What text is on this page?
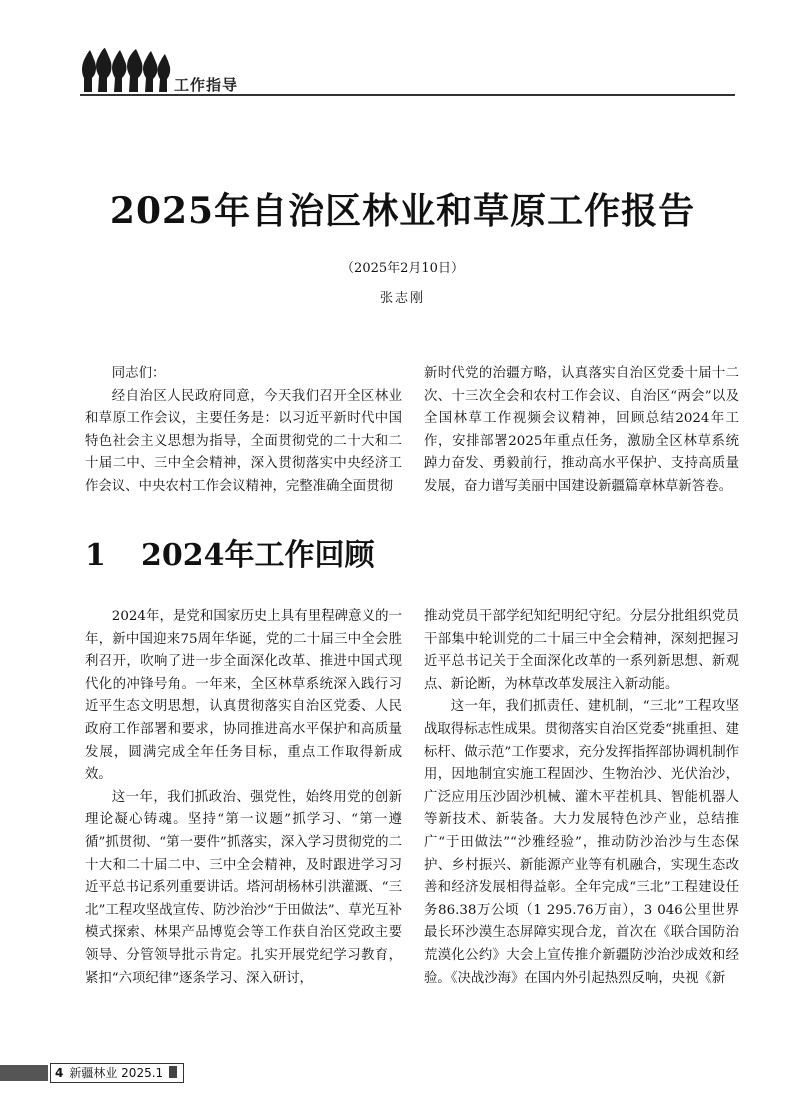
工作指导
2025年自治区林业和草原工作报告
（2025年2月10日）
张志刚

同志们：

经自治区人民政府同意，今天我们召开全区林业和草原工作会议，主要任务是：以习近平新时代中国特色社会主义思想为指导，全面贯彻党的二十大和二十届二中、三中全会精神，深入贯彻落实中央经济工作会议、中央农村工作会议精神，完整准确全面贯彻

新时代党的治疆方略，认真落实自治区党委十届十二次、十三次全会和农村工作会议、自治区“两会”以及全国林草工作视频会议精神，回顾总结2024年工作，安排部署2025年重点任务，激励全区林草系统踔力奋发、勇毅前行，推动高水平保护、支持高质量发展，奋力谱写美丽中国建设新疆篇章林草新答卷。

1 2024年工作回顾

2024年，是党和国家历史上具有里程碑意义的一年，新中国迎来75周年华诞，党的二十届三中全会胜利召开，吹响了进一步全面深化改革、推进中国式现代化的冲锋号角。一年来，全区林草系统深入践行习近平生态文明思想，认真贯彻落实自治区党委、人民政府工作部署和要求，协同推进高水平保护和高质量发展，圆满完成全年任务目标，重点工作取得新成效。

这一年，我们抓政治、强党性，始终用党的创新理论凝心铸魂。坚持“第一议题”抓学习、“第一遵循”抓贯彻、“第一要件”抓落实，深入学习贯彻党的二十大和二十届二中、三中全会精神，及时跟进学习习近平总书记系列重要讲话。塔河胡杨林引洪灌溉、“三北”工程攻坚战宣传、防沙治沙“于田做法”、草光互补模式探索、林果产品博览会等工作获自治区党政主要领导、分管领导批示肯定。扎实开展党纪学习教育，紧扣“六项纪律”逐条学习、深入研讨，

推动党员干部学纪知纪明纪守纪。分层分批组织党员干部集中轮训党的二十届三中全会精神，深刻把握习近平总书记关于全面深化改革的一系列新思想、新观点、新论断，为林草改革发展注入新动能。

这一年，我们抓责任、建机制，“三北”工程攻坚战取得标志性成果。贯彻落实自治区党委“挑重担、建标杆、做示范”工作要求，充分发挥指挥部协调机制作用，因地制宜实施工程固沙、生物治沙、光伏治沙，广泛应用压沙固沙机械、灌木平茬机具、智能机器人等新技术、新装备。大力发展特色沙产业，总结推广“于田做法”“沙雅经验”，推动防沙治沙与生态保护、乡村振兴、新能源产业等有机融合，实现生态改善和经济发展相得益彰。全年完成“三北”工程建设任务86.38万公顷（1 295.76万亩），3 046公里世界最长环沙漠生态屏障实现合龙，首次在《联合国防治荒漠化公约》大会上宣传推介新疆防沙治沙成效和经验。《决战沙海》在国内外引起热烈反响，央视《新

4 新疆林业 2025.1
